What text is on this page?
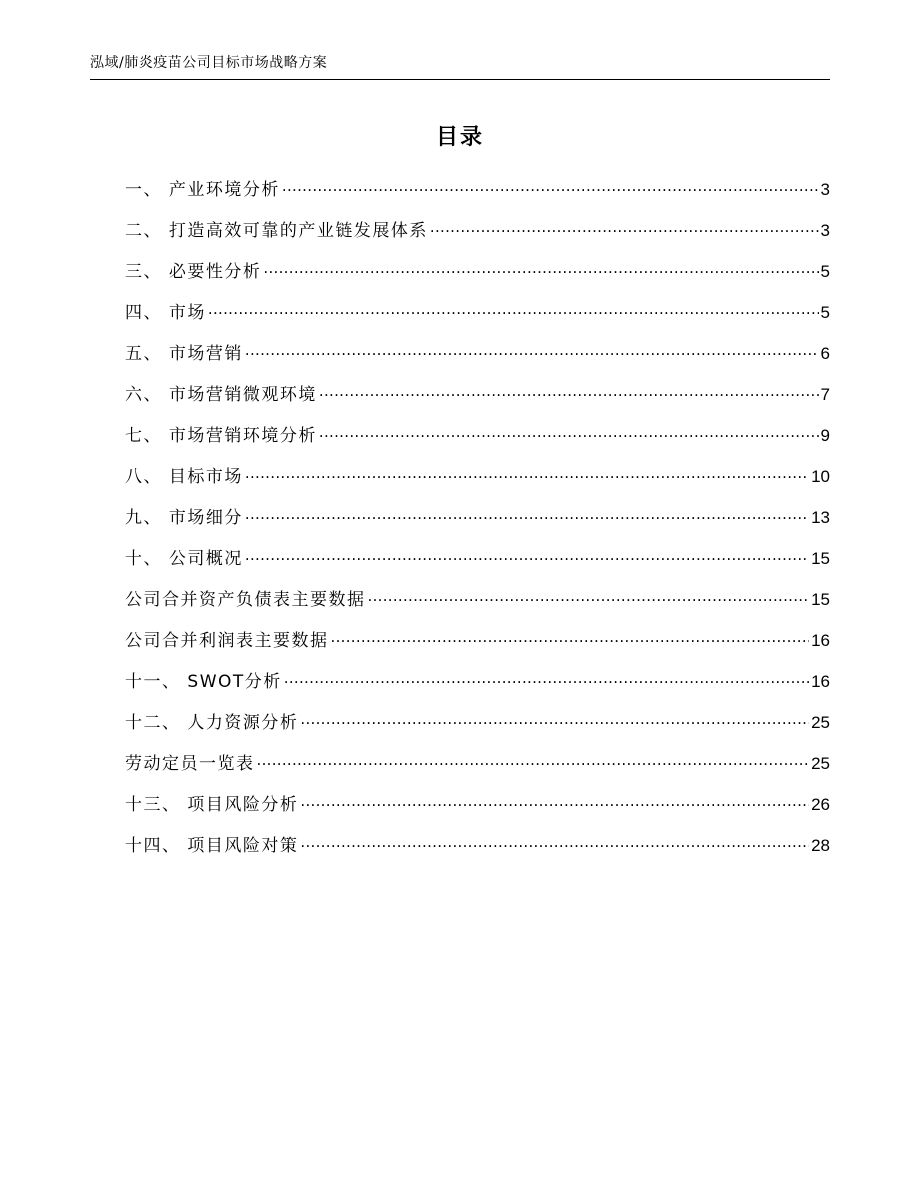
泓域/肺炎疫苗公司目标市场战略方案
目录
一、 产业环境分析 .....	3
二、 打造高效可靠的产业链发展体系 .....	3
三、 必要性分析 .....	5
四、 市场 .....	5
五、 市场营销 .....	6
六、 市场营销微观环境 .....	7
七、 市场营销环境分析 .....	9
八、 目标市场 .....	10
九、 市场细分 .....	13
十、 公司概况 .....	15
公司合并资产负债表主要数据 .....	15
公司合并利润表主要数据 .....	16
十一、 SWOT分析 .....	16
十二、 人力资源分析 .....	25
劳动定员一览表 .....	25
十三、 项目风险分析 .....	26
十四、 项目风险对策 .....	28
